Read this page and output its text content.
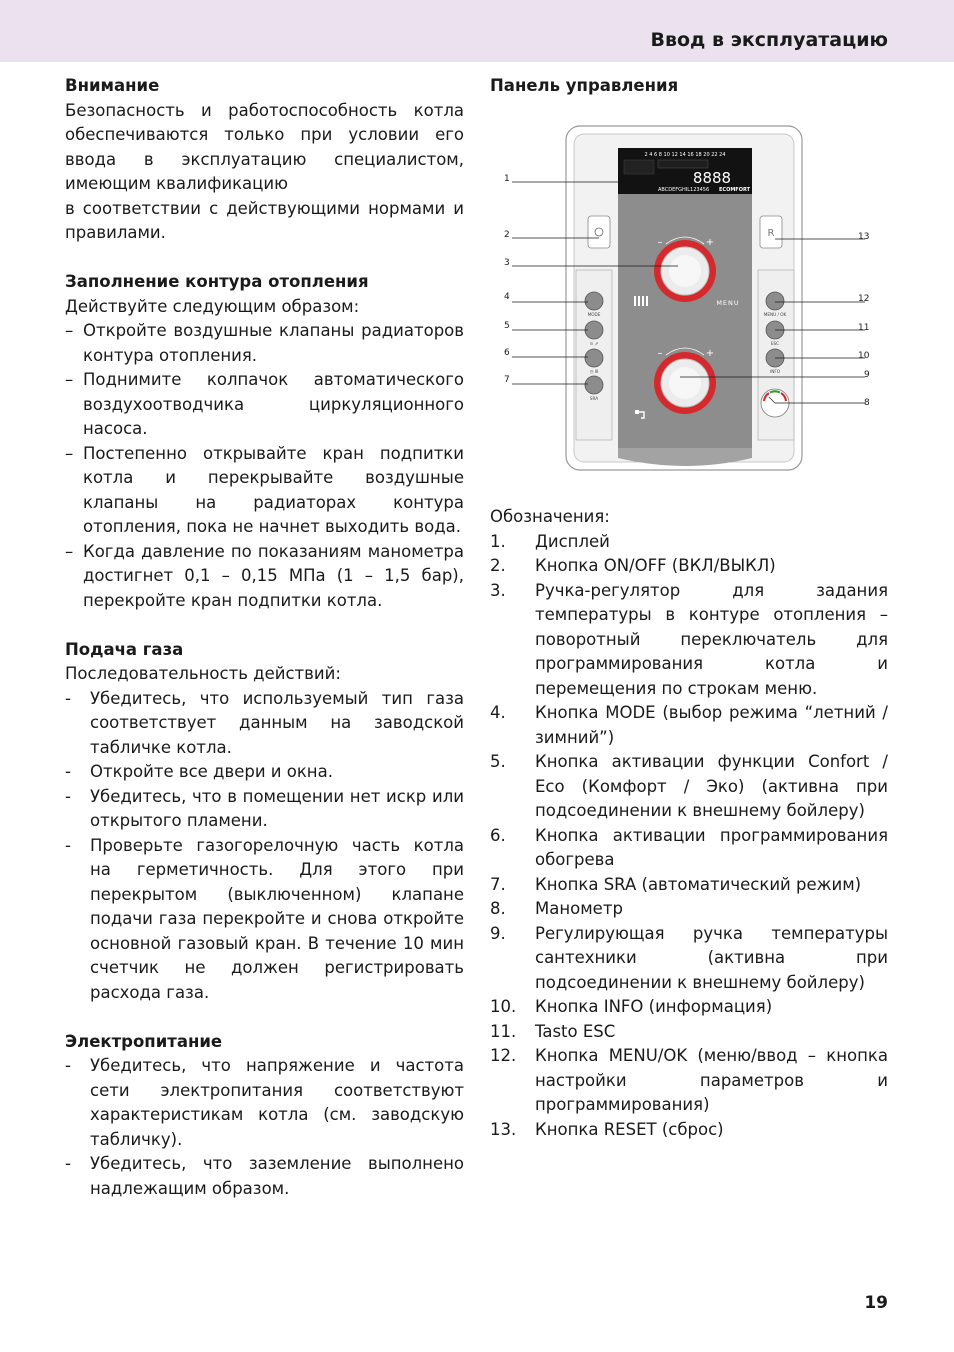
Ввод в эксплуатацию
Внимание

Безопасность и работоспособность котла обеспечиваются только при условии его ввода в эксплуатацию специалистом, имеющим квалификацию

в соответствии с действующими нормами и правилами.

Заполнение контура отопления

Действуйте следующим образом:

– Откройте воздушные клапаны радиаторов контура отопления.
– Поднимите колпачок автоматического воздухоотводчика циркуляционного насоса.
– Постепенно открывайте кран подпитки котла и перекрывайте воздушные клапаны на радиаторах контура отопления, пока не начнет выходить вода.
– Когда давление по показаниям манометра достигнет 0,1 – 0,15 МПа (1 – 1,5 бар), перекройте кран подпитки котла.
Подача газа

Последовательность действий:

- Убедитесь, что используемый тип газа соответствует данным на заводской табличке котла.
- Откройте все двери и окна.
- Убедитесь, что в помещении нет искр или открытого пламени.
- Проверьте газогорелочную часть котла на герметичность. Для этого при перекрытом (выключенном) клапане подачи газа перекройте и снова откройте основной газовый кран. В течение 10 мин счетчик не должен регистрировать расхода газа.
Электропитание
- Убедитесь, что напряжение и частота сети электропитания соответствуют характеристикам котла (см. заводскую табличку).
- Убедитесь, что заземление выполнено надлежащим образом.
Панель управления
2 4 6 8 10 12 14 16 18 20 22 24
8888
ABCDEFGHIL123456 ECOMFORT
R
–	+
MENU
–	+
MODE
⊙ ⇗
◷ Ⅲ
SRA
MENU / OK
ESC
INFO
1
2
3
4
5
6
7
8
9
10
11
12
13

Обозначения:

1. Дисплей
2. Кнопка ON/OFF (ВКЛ/ВЫКЛ)
3. Ручка-регулятор для задания температуры в контуре отопления – поворотный переключатель для программирования котла и перемещения по строкам меню.
4. Кнопка MODE (выбор режима “летний / зимний”)
5. Кнопка активации функции Confort / Eco (Комфорт / Эко) (активна при подсоединении к внешнему бойлеру)
6. Кнопка активации программирования обогрева
7. Кнопка SRA (автоматический режим)
8. Манометр
9. Регулирующая ручка температуры сантехники (активна при подсоединении к внешнему бойлеру)
10. Кнопка INFO (информация)
11. Tasto ESC
12. Кнопка MENU/OK (меню/ввод – кнопка настройки параметров и программирования)
13. Кнопка RESET (сброс)
19
